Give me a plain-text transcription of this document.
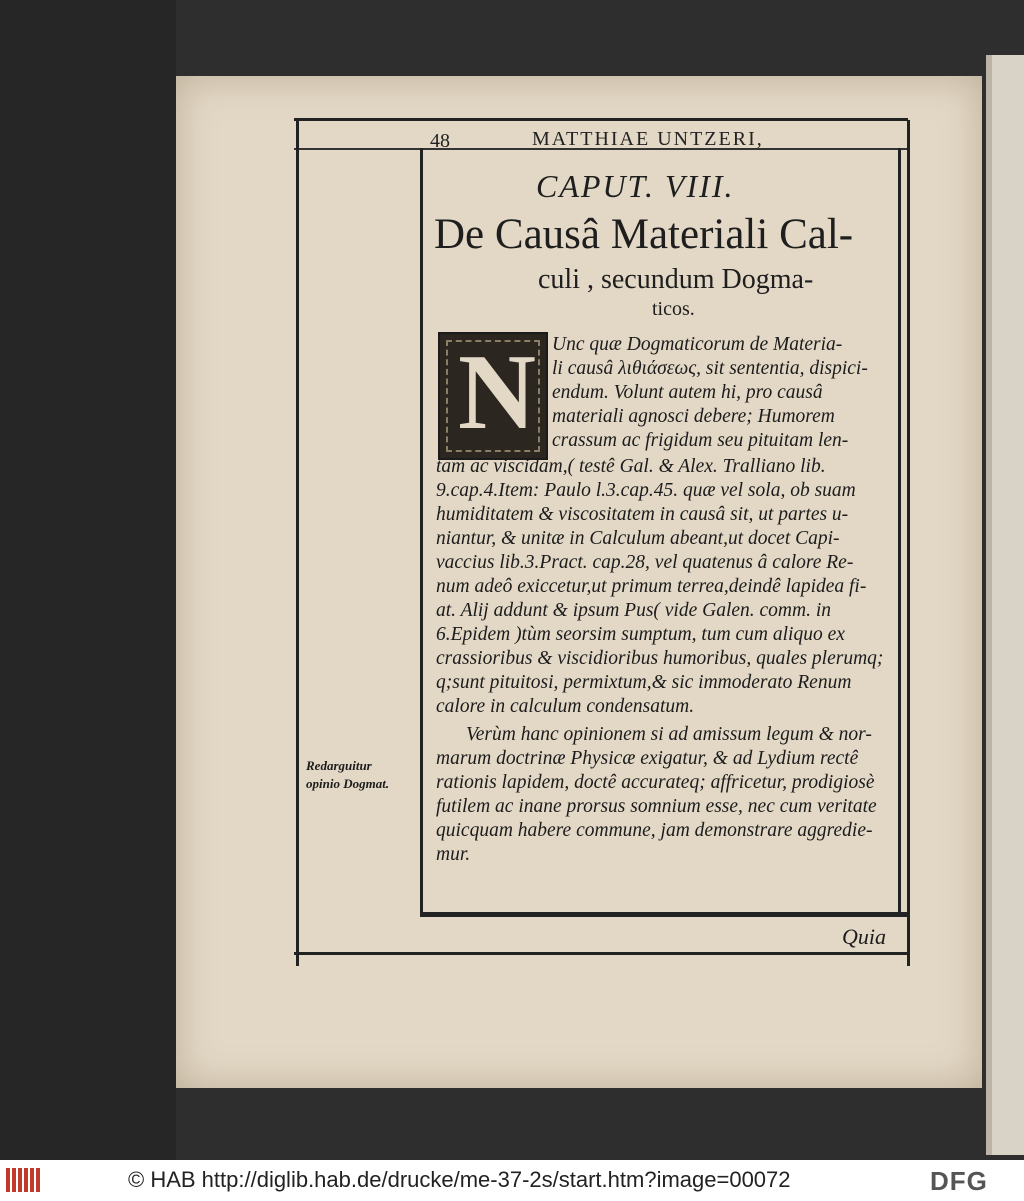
48	MATTHIAE UNTZERI,
CAPUT. VIII.
De Causâ Materiali Cal-
culi , secundum Dogma-
ticos.
N Unc quæ Dogmaticorum de Materia-
li causâ λιθιάσεως, sit sententia, dispici-
endum. Volunt autem hi, pro causâ
materiali agnosci debere; Humorem
crassum ac frigidum seu pituitam len-
tam ac viscidam,( testê Gal. & Alex. Tralliano lib.
9.cap.4.Item: Paulo l.3.cap.45. quæ vel sola, ob suam
humiditatem & viscositatem in causâ sit, ut partes u-
niantur, & unitæ in Calculum abeant,ut docet Capi-
vaccius lib.3.Pract. cap.28, vel quatenus â calore Re-
num adeô exiccetur,ut primum terrea,deindê lapidea fi-
at. Alij addunt & ipsum Pus( vide Galen. comm. in
6.Epidem )tùm seorsim sumptum, tum cum aliquo ex
crassioribus & viscidioribus humoribus, quales plerumq;
q;sunt pituitosi, permixtum,& sic immoderato Renum
calore in calculum condensatum.
Verùm hanc opinionem si ad amissum legum & nor-
marum doctrinæ Physicæ exigatur, & ad Lydium rectê
rationis lapidem, doctê accurateq; affricetur, prodigiosè
futilem ac inane prorsus somnium esse, nec cum veritate
quicquam habere commune, jam demonstrare aggredie-
mur.
Redarguitur
opinio Dogmat.
Quia
© HAB http://diglib.hab.de/drucke/me-37-2s/start.htm?image=00072	DFG
